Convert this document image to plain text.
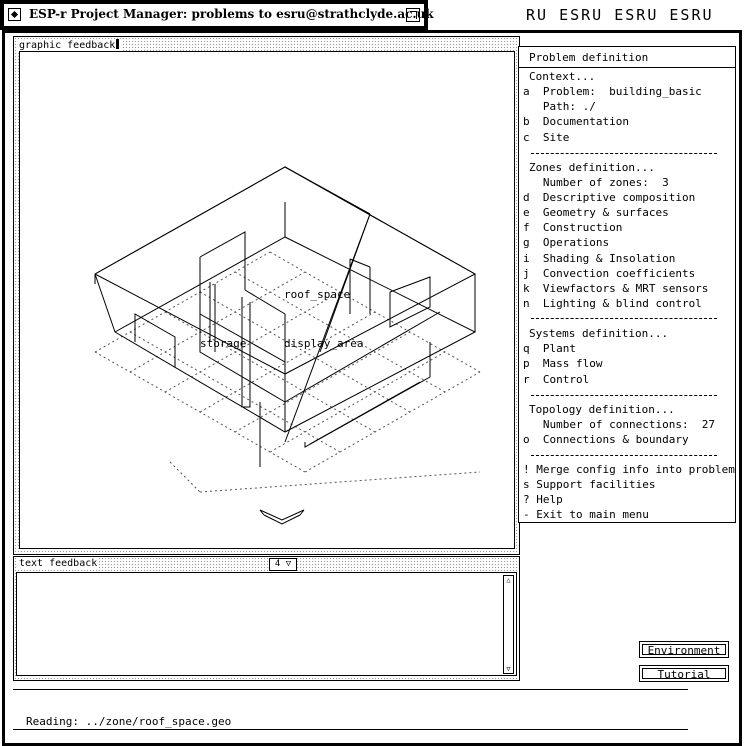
RU ESRU ESRU ESRU
ESP-r Project Manager: problems to esru@strathclyde.ac.uk
graphic feedback
roof_space
storage	display_area
text feedback	4 ▽
△
▽
Reading: ../zone/roof_space.geo
Problem definition
Context...
a  Problem:  building_basic
Path: ./
b  Documentation
c  Site
Zones definition...
Number of zones:  3
d  Descriptive composition
e  Geometry & surfaces
f  Construction
g  Operations
i  Shading & Insolation
j  Convection coefficients
k  Viewfactors & MRT sensors
n  Lighting & blind control
Systems definition...
q  Plant
p  Mass flow
r  Control
Topology definition...
Number of connections:  27
o  Connections & boundary
! Merge config info into problem
s Support facilities
? Help
- Exit to main menu
Environment
Tutorial
